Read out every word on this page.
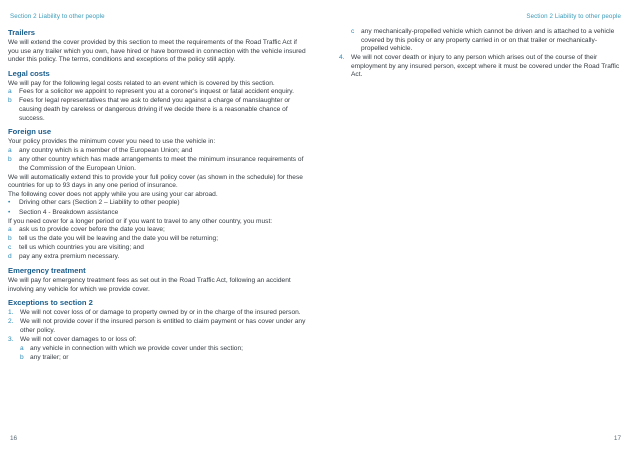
Section 2 Liability to other people
Trailers

We will extend the cover provided by this section to meet the requirements of the Road Traffic Act if you use any trailer which you own, have hired or have borrowed in connection with the vehicle insured under this policy. The terms, conditions and exceptions of the policy still apply.

Legal costs

We will pay for the following legal costs related to an event which is covered by this section.

a Fees for a solicitor we appoint to represent you at a coroner's inquest or fatal accident enquiry.
b Fees for legal representatives that we ask to defend you against a charge of manslaughter or causing death by careless or dangerous driving if we decide there is a reasonable chance of success.
Foreign use

Your policy provides the minimum cover you need to use the vehicle in:

a any country which is a member of the European Union; and
b any other country which has made arrangements to meet the minimum insurance requirements of the Commission of the European Union.

We will automatically extend this to provide your full policy cover (as shown in the schedule) for these countries for up to 93 days in any one period of insurance.

The following cover does not apply while you are using your car abroad.

• Driving other cars (Section 2 – Liability to other people)
• Section 4 - Breakdown assistance

If you need cover for a longer period or if you want to travel to any other country, you must:

a ask us to provide cover before the date you leave;
b tell us the date you will be leaving and the date you will be returning;
c tell us which countries you are visiting; and
d pay any extra premium necessary.
Emergency treatment

We will pay for emergency treatment fees as set out in the Road Traffic Act, following an accident involving any vehicle for which we provide cover.

Exceptions to section 2
1. We will not cover loss of or damage to property owned by or in the charge of the insured person.
2. We will not provide cover if the insured person is entitled to claim payment or has cover under any other policy.
3. We will not cover damages to or loss of:
a any vehicle in connection with which we provide cover under this section;
b any trailer; or
16
Section 2 Liability to other people
c any mechanically-propelled vehicle which cannot be driven and is attached to a vehicle covered by this policy or any property carried in or on that trailer or mechanically-propelled vehicle.
4. We will not cover death or injury to any person which arises out of the course of their employment by any insured person, except where it must be covered under the Road Traffic Act.
17
